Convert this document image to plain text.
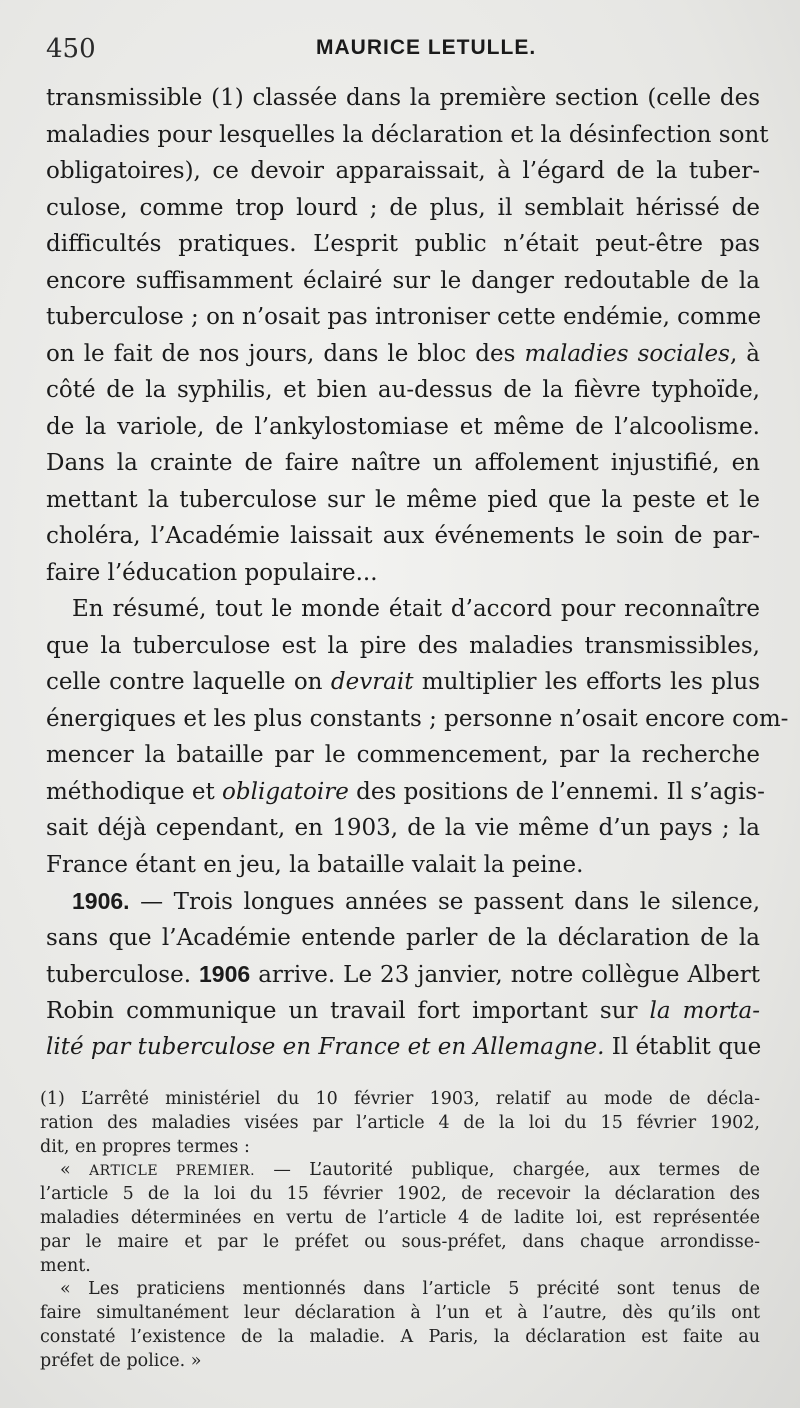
450	MAURICE LETULLE.
transmissible (1) classée dans la première section (celle des
maladies pour lesquelles la déclaration et la désinfection sont
obligatoires), ce devoir apparaissait, à l’égard de la tuber-
culose, comme trop lourd ; de plus, il semblait hérissé de
difficultés pratiques. L’esprit public n’était peut-être pas
encore suffisamment éclairé sur le danger redoutable de la
tuberculose ; on n’osait pas introniser cette endémie, comme
on le fait de nos jours, dans le bloc des maladies sociales, à
côté de la syphilis, et bien au-dessus de la fièvre typhoïde,
de la variole, de l’ankylostomiase et même de l’alcoolisme.
Dans la crainte de faire naître un affolement injustifié, en
mettant la tuberculose sur le même pied que la peste et le
choléra, l’Académie laissait aux événements le soin de par-
faire l’éducation populaire...
En résumé, tout le monde était d’accord pour reconnaître
que la tuberculose est la pire des maladies transmissibles,
celle contre laquelle on devrait multiplier les efforts les plus
énergiques et les plus constants ; personne n’osait encore com-
mencer la bataille par le commencement, par la recherche
méthodique et obligatoire des positions de l’ennemi. Il s’agis-
sait déjà cependant, en 1903, de la vie même d’un pays ; la
France étant en jeu, la bataille valait la peine.
1906. — Trois longues années se passent dans le silence,
sans que l’Académie entende parler de la déclaration de la
tuberculose. 1906 arrive. Le 23 janvier, notre collègue Albert
Robin communique un travail fort important sur la morta-
lité par tuberculose en France et en Allemagne. Il établit que
(1) L’arrêté ministériel du 10 février 1903, relatif au mode de décla-
ration des maladies visées par l’article 4 de la loi du 15 février 1902,
dit, en propres termes :
« ARTICLE PREMIER. — L’autorité publique, chargée, aux termes de
l’article 5 de la loi du 15 février 1902, de recevoir la déclaration des
maladies déterminées en vertu de l’article 4 de ladite loi, est représentée
par le maire et par le préfet ou sous-préfet, dans chaque arrondisse-
ment.
« Les praticiens mentionnés dans l’article 5 précité sont tenus de
faire simultanément leur déclaration à l’un et à l’autre, dès qu’ils ont
constaté l’existence de la maladie. A Paris, la déclaration est faite au
préfet de police. »
